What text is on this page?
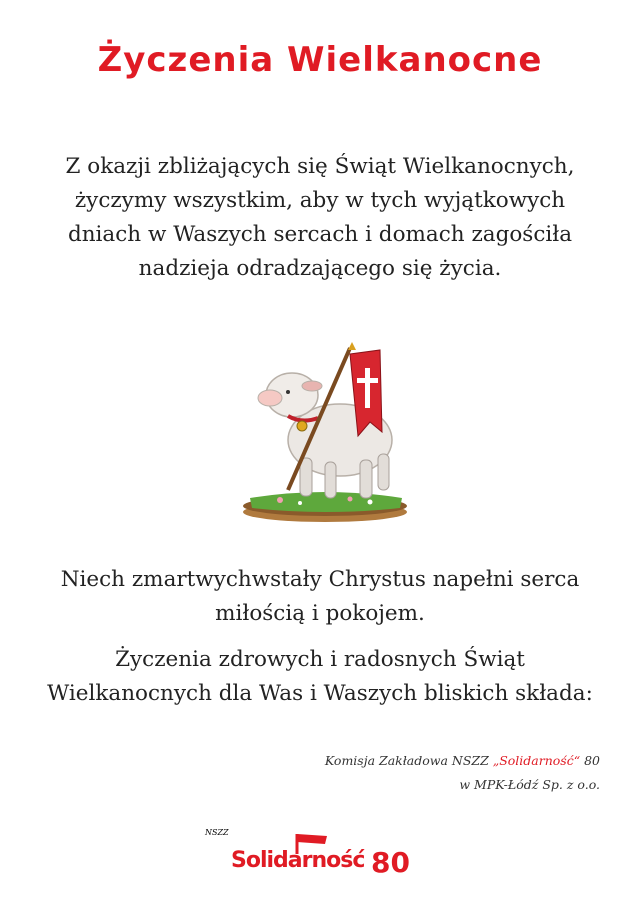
Życzenia Wielkanocne
Z okazji zbliżających się Świąt Wielkanocnych, życzymy wszystkim, aby w tych wyjątkowych dniach w Waszych sercach i domach zagościła nadzieja odradzającego się życia.
Niech zmartwychwstały Chrystus napełni serca miłością i pokojem.
Życzenia zdrowych i radosnych Świąt Wielkanocnych dla Was i Waszych bliskich składa:
Komisja Zakładowa NSZZ „Solidarność“ 80
w MPK-Łódź Sp. z o.o.
NSZZ
Solidarność 80
